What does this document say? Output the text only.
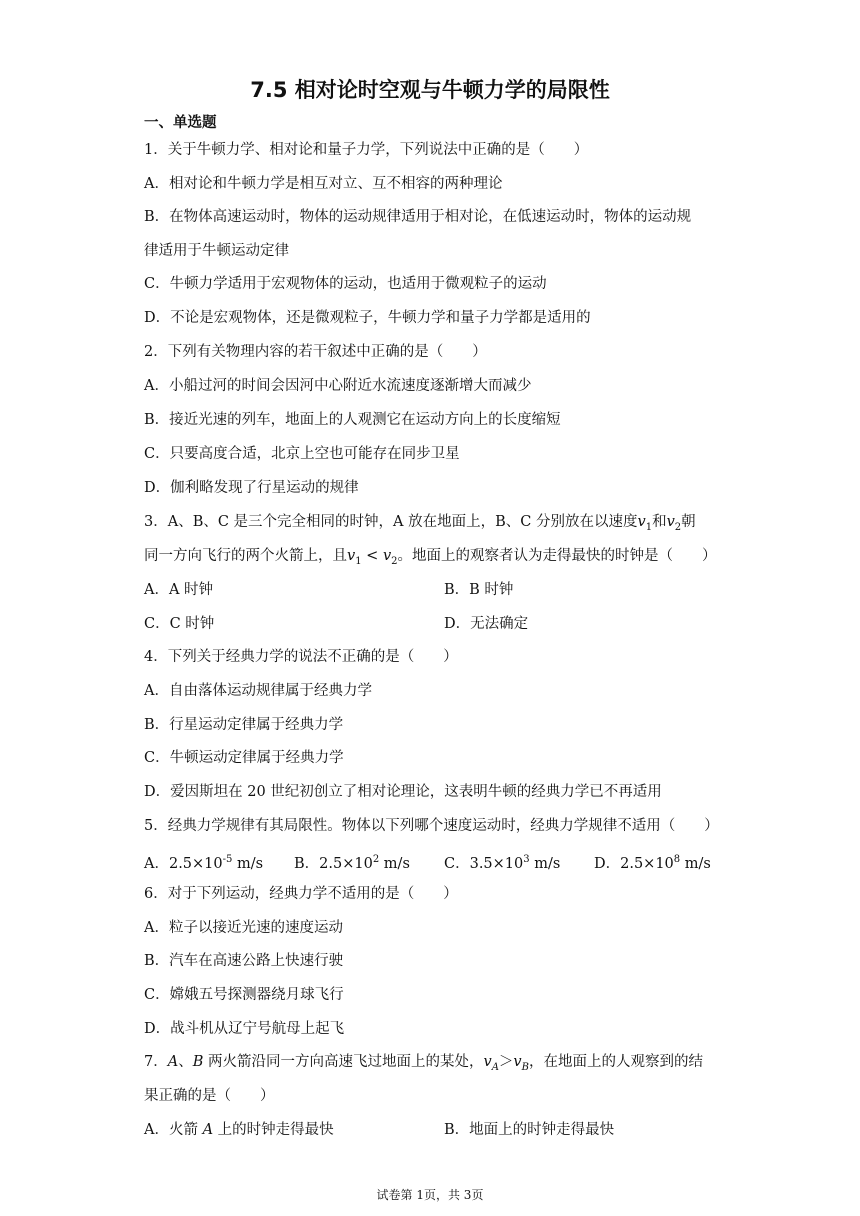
7.5 相对论时空观与牛顿力学的局限性
一、单选题
1．关于牛顿力学、相对论和量子力学，下列说法中正确的是（　　）
A．相对论和牛顿力学是相互对立、互不相容的两种理论
B．在物体高速运动时，物体的运动规律适用于相对论，在低速运动时，物体的运动规
律适用于牛顿运动定律
C．牛顿力学适用于宏观物体的运动，也适用于微观粒子的运动
D．不论是宏观物体，还是微观粒子，牛顿力学和量子力学都是适用的
2．下列有关物理内容的若干叙述中正确的是（　　）
A．小船过河的时间会因河中心附近水流速度逐渐增大而减少
B．接近光速的列车，地面上的人观测它在运动方向上的长度缩短
C．只要高度合适，北京上空也可能存在同步卫星
D．伽利略发现了行星运动的规律
3．A、B、C 是三个完全相同的时钟，A 放在地面上，B、C 分别放在以速度$v_1$和$v_2$朝
同一方向飞行的两个火箭上，且$v_1 < v_2$。地面上的观察者认为走得最快的时钟是（　　）
A．A 时钟	B．B 时钟
C．C 时钟	D．无法确定
4．下列关于经典力学的说法不正确的是（　　）
A．自由落体运动规律属于经典力学
B．行星运动定律属于经典力学
C．牛顿运动定律属于经典力学
D．爱因斯坦在 20 世纪初创立了相对论理论，这表明牛顿的经典力学已不再适用
5．经典力学规律有其局限性。物体以下列哪个速度运动时，经典力学规律不适用（　　）
A．$2.5\times 10^{-5}$ m/s B．$2.5\times 10^2$ m/s C．$3.5\times 10^3$ m/s D．$2.5\times 10^8$ m/s
6．对于下列运动，经典力学不适用的是（　　）
A．粒子以接近光速的速度运动
B．汽车在高速公路上快速行驶
C．嫦娥五号探测器绕月球飞行
D．战斗机从辽宁号航母上起飞
7．A、B 两火箭沿同一方向高速飞过地面上的某处，$v_A>v_B$，在地面上的人观察到的结
果正确的是（　　）
A．火箭 A 上的时钟走得最快	B．地面上的时钟走得最快
试卷第 1页，共 3页
